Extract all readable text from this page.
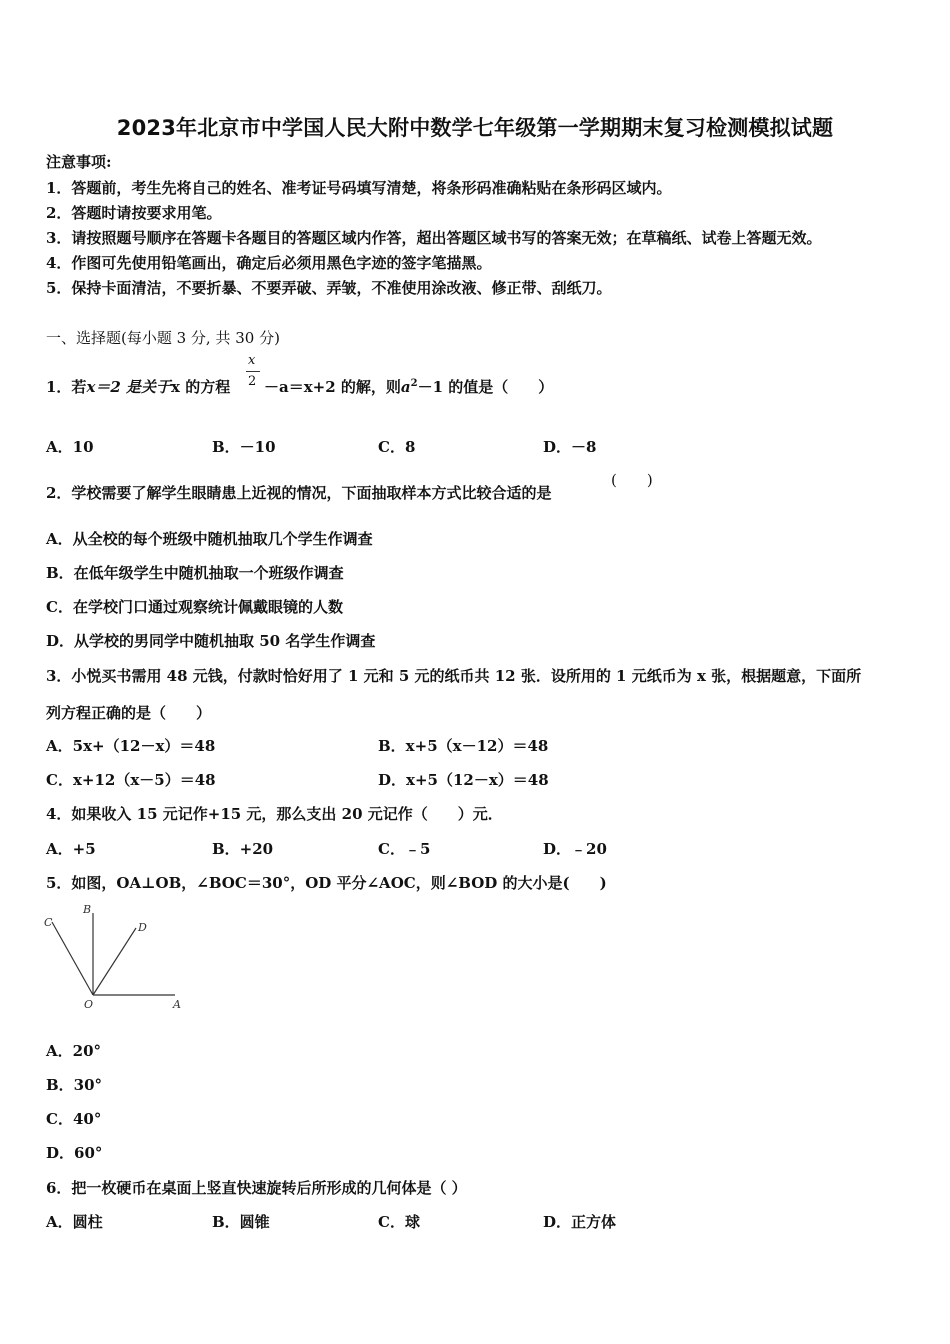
2023年北京市中学国人民大附中数学七年级第一学期期末复习检测模拟试题
注意事项:
1．答题前，考生先将自己的姓名、准考证号码填写清楚，将条形码准确粘贴在条形码区域内。
2．答题时请按要求用笔。
3．请按照题号顺序在答题卡各题目的答题区域内作答，超出答题区域书写的答案无效；在草稿纸、试卷上答题无效。
4．作图可先使用铅笔画出，确定后必须用黑色字迹的签字笔描黑。
5．保持卡面清洁，不要折暴、不要弄破、弄皱，不准使用涂改液、修正带、刮纸刀。
一、选择题(每小题 3 分, 共 30 分)
1．若x＝2 是关于x 的方程
x
2 －a＝x+2 的解，则$a^2-1$ 的值是（　　）
A．10	B．－10	C．8	D．－8
2．学校需要了解学生眼睛患上近视的情况，下面抽取样本方式比较合适的是
(　　)
A．从全校的每个班级中随机抽取几个学生作调查
B．在低年级学生中随机抽取一个班级作调查
C．在学校门口通过观察统计佩戴眼镜的人数
D．从学校的男同学中随机抽取 50 名学生作调查
3．小悦买书需用 48 元钱，付款时恰好用了 1 元和 5 元的纸币共 12 张．设所用的 1 元纸币为 x 张，根据题意，下面所
列方程正确的是（　　）
A．5x+（12－x）＝48	B．x+5（x－12）＝48
C．x+12（x－5）＝48	D．x+5（12－x）＝48
4．如果收入 15 元记作+15 元，那么支出 20 元记作（　　）元．
A．+5	B．+20	C．﹣5	D．﹣20
5．如图，OA⊥OB，∠BOC＝30°，OD 平分∠AOC，则∠BOD 的大小是(　　)
B
C	D
O	A
A．20°
B．30°
C．40°
D．60°
6．把一枚硬币在桌面上竖直快速旋转后所形成的几何体是（ ）
A．圆柱	B．圆锥	C．球	D．正方体
